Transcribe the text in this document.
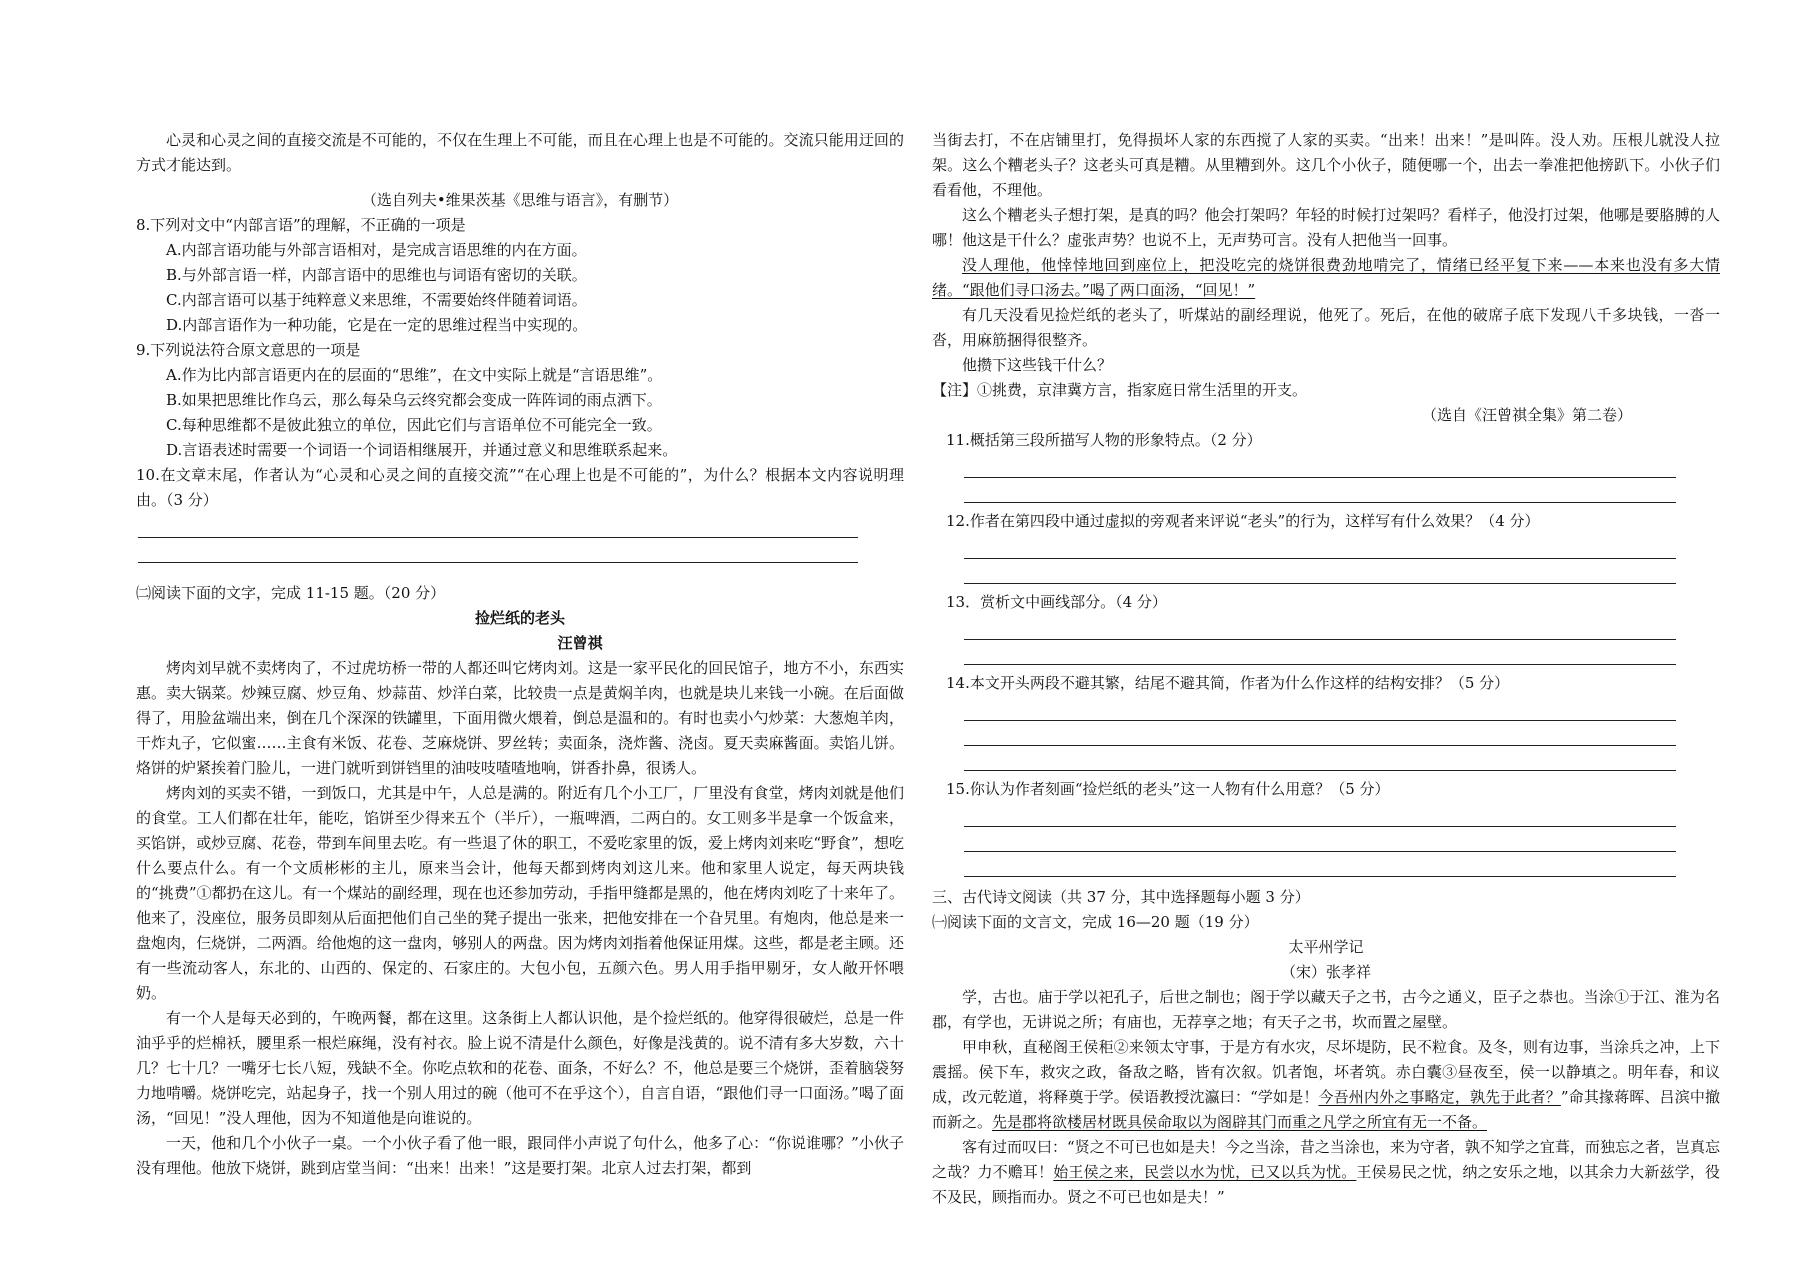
心灵和心灵之间的直接交流是不可能的，不仅在生理上不可能，而且在心理上也是不可能的。交流只能用迂回的方式才能达到。

（选自列夫•维果茨基《思维与语言》，有删节）

8.下列对文中“内部言语”的理解，不正确的一项是
A.内部言语功能与外部言语相对，是完成言语思维的内在方面。
B.与外部言语一样，内部言语中的思维也与词语有密切的关联。
C.内部言语可以基于纯粹意义来思维，不需要始终伴随着词语。
D.内部言语作为一种功能，它是在一定的思维过程当中实现的。
9.下列说法符合原文意思的一项是
A.作为比内部言语更内在的层面的“思维”，在文中实际上就是“言语思维”。
B.如果把思维比作乌云，那么每朵乌云终究都会变成一阵阵词的雨点洒下。
C.每种思维都不是彼此独立的单位，因此它们与言语单位不可能完全一致。
D.言语表述时需要一个词语一个词语相继展开，并通过意义和思维联系起来。

10.在文章末尾，作者认为“心灵和心灵之间的直接交流”“在心理上也是不可能的”，为什么？根据本文内容说明理由。（3 分）

㈡阅读下面的文字，完成 11-15 题。（20 分）
捡烂纸的老头
汪曾祺

烤肉刘早就不卖烤肉了，不过虎坊桥一带的人都还叫它烤肉刘。这是一家平民化的回民馆子，地方不小，东西实惠。卖大锅菜。炒辣豆腐、炒豆角、炒蒜苗、炒洋白菜，比较贵一点是黄焖羊肉，也就是块儿来钱一小碗。在后面做得了，用脸盆端出来，倒在几个深深的铁罐里，下面用微火煨着，倒总是温和的。有时也卖小勺炒菜：大葱炮羊肉，干炸丸子，它似蜜……主食有米饭、花卷、芝麻烧饼、罗丝转；卖面条，浇炸酱、浇卤。夏天卖麻酱面。卖馅儿饼。烙饼的炉紧挨着门脸儿，一进门就听到饼铛里的油吱吱喳喳地响，饼香扑鼻，很诱人。

烤肉刘的买卖不错，一到饭口，尤其是中午，人总是满的。附近有几个小工厂，厂里没有食堂，烤肉刘就是他们的食堂。工人们都在壮年，能吃，馅饼至少得来五个（半斤），一瓶啤酒，二两白的。女工则多半是拿一个饭盒来，买馅饼，或炒豆腐、花卷，带到车间里去吃。有一些退了休的职工，不爱吃家里的饭，爱上烤肉刘来吃“野食”，想吃什么要点什么。有一个文质彬彬的主儿，原来当会计，他每天都到烤肉刘这儿来。他和家里人说定，每天两块钱的“挑费”①都扔在这儿。有一个煤站的副经理，现在也还参加劳动，手指甲缝都是黑的，他在烤肉刘吃了十来年了。他来了，没座位，服务员即刻从后面把他们自己坐的凳子提出一张来，把他安排在一个旮旯里。有炮肉，他总是来一盘炮肉，仨烧饼，二两酒。给他炮的这一盘肉，够别人的两盘。因为烤肉刘指着他保证用煤。这些，都是老主顾。还有一些流动客人，东北的、山西的、保定的、石家庄的。大包小包，五颜六色。男人用手指甲剔牙，女人敞开怀喂奶。

有一个人是每天必到的，午晚两餐，都在这里。这条街上人都认识他，是个捡烂纸的。他穿得很破烂，总是一件油乎乎的烂棉袄，腰里系一根烂麻绳，没有衬衣。脸上说不清是什么颜色，好像是浅黄的。说不清有多大岁数，六十几？七十几？一嘴牙七长八短，残缺不全。你吃点软和的花卷、面条，不好么？不，他总是要三个烧饼，歪着脑袋努力地啃嚼。烧饼吃完，站起身子，找一个别人用过的碗（他可不在乎这个），自言自语，“跟他们寻一口面汤。”喝了面汤，“回见！”没人理他，因为不知道他是向谁说的。

一天，他和几个小伙子一桌。一个小伙子看了他一眼，跟同伴小声说了句什么，他多了心：“你说谁哪？”小伙子没有理他。他放下烧饼，跳到店堂当间：“出来！出来！”这是要打架。北京人过去打架，都到

当街去打，不在店铺里打，免得损坏人家的东西搅了人家的买卖。“出来！出来！”是叫阵。没人劝。压根儿就没人拉架。这么个糟老头子？这老头可真是糟。从里糟到外。这几个小伙子，随便哪一个，出去一拳准把他搒趴下。小伙子们看看他，不理他。

这么个糟老头子想打架，是真的吗？他会打架吗？年轻的时候打过架吗？看样子，他没打过架，他哪是要胳膊的人哪！他这是干什么？虚张声势？也说不上，无声势可言。没有人把他当一回事。

没人理他，他悻悻地回到座位上，把没吃完的烧饼很费劲地啃完了，情绪已经平复下来——本来也没有多大情绪。“跟他们寻口汤去。”喝了两口面汤，“回见！”

有几天没看见捡烂纸的老头了，听煤站的副经理说，他死了。死后，在他的破席子底下发现八千多块钱，一沓一沓，用麻筋捆得很整齐。

他攒下这些钱干什么？

【注】①挑费，京津冀方言，指家庭日常生活里的开支。
（选自《汪曾祺全集》第二卷）
11.概括第三段所描写人物的形象特点。（2 分）
12.作者在第四段中通过虚拟的旁观者来评说“老头”的行为，这样写有什么效果？（4 分）
13．赏析文中画线部分。（4 分）
14.本文开头两段不避其繁，结尾不避其简，作者为什么作这样的结构安排？（5 分）
15.你认为作者刻画“捡烂纸的老头”这一人物有什么用意？（5 分）
三、古代诗文阅读（共 37 分，其中选择题每小题 3 分）
㈠阅读下面的文言文，完成 16—20 题（19 分）
太平州学记
（宋）张孝祥

学，古也。庙于学以祀孔子，后世之制也；阁于学以藏天子之书，古今之通义，臣子之恭也。当涂①于江、淮为名郡，有学也，无讲说之所；有庙也，无荐享之地；有天子之书，坎而置之屋壁。

甲申秋，直秘阁王侯秬②来领太守事，于是方有水灾，尽坏堤防，民不粒食。及冬，则有边事，当涂兵之冲，上下震摇。侯下车，救灾之政，备敌之略，皆有次叙。饥者饱，坏者筑。赤白囊③昼夜至，侯一以静填之。明年春，和议成，改元乾道，将释奠于学。侯语教授沈瀛曰：“学如是！今吾州内外之事略定，孰先于此者？”命其掾蒋晖、吕滨中撤而新之。先是郡将欲楼居材既具侯命取以为阁辟其门而重之凡学之所宜有无一不备。

客有过而叹曰：“贤之不可已也如是夫！今之当涂，昔之当涂也，来为守者，孰不知学之宜葺，而独忘之者，岂真忘之哉？力不赡耳！始王侯之来，民尝以水为忧，已又以兵为忧。王侯易民之忧，纳之安乐之地，以其余力大新兹学，役不及民，顾指而办。贤之不可已也如是夫！”
